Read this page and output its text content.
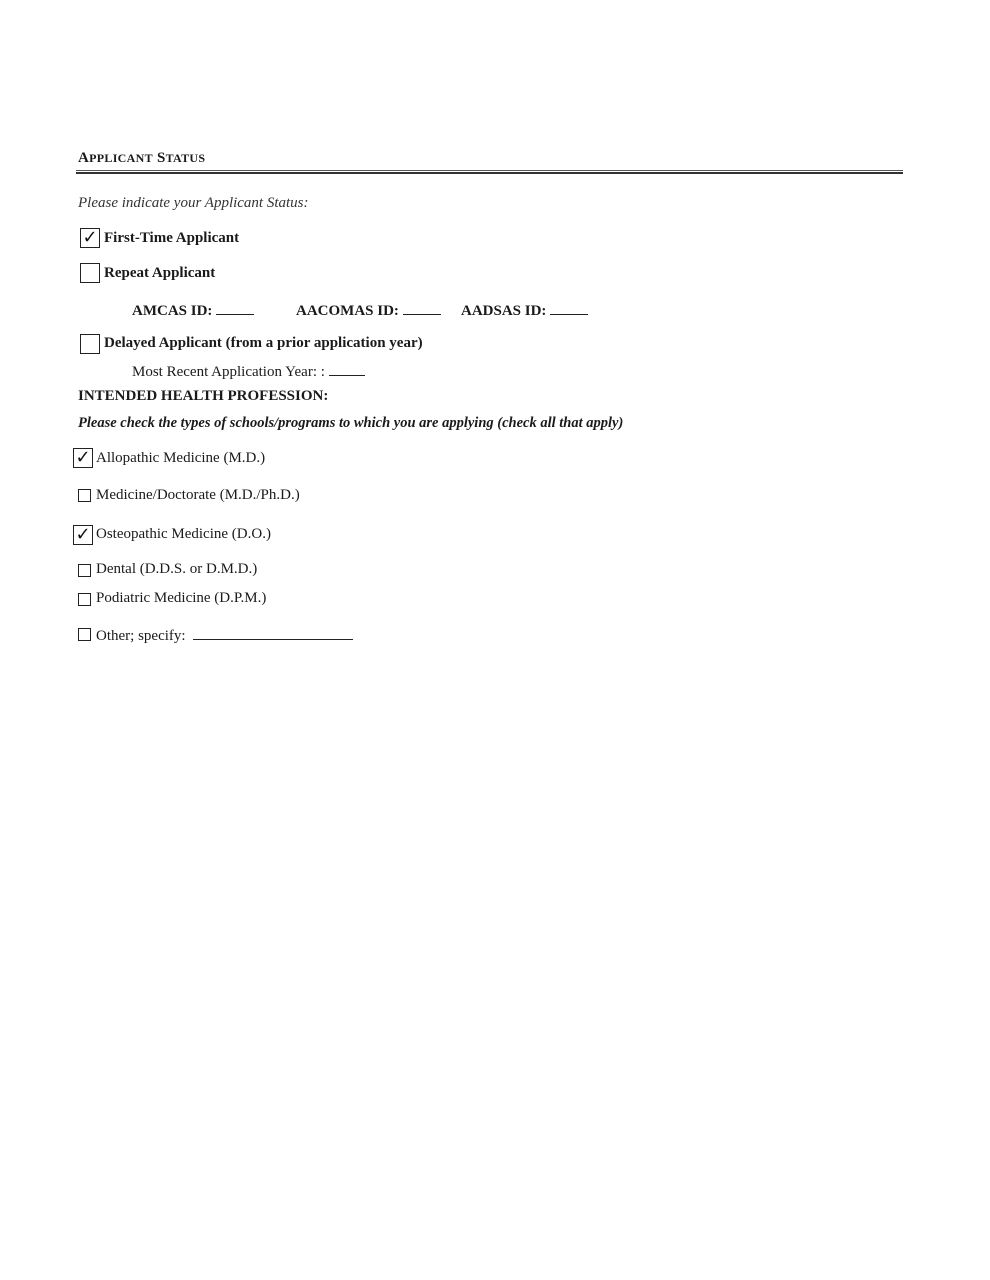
APPLICANT STATUS
Please indicate your Applicant Status:
✓ First-Time Applicant
Repeat Applicant
AMCAS ID:	AACOMAS ID:	AADSAS ID:
Delayed Applicant (from a prior application year)
Most Recent Application Year: :
INTENDED HEALTH PROFESSION:
Please check the types of schools/programs to which you are applying (check all that apply)
✓ Allopathic Medicine (M.D.)
Medicine/Doctorate (M.D./Ph.D.)
✓ Osteopathic Medicine (D.O.)
Dental (D.D.S. or D.M.D.)
Podiatric Medicine (D.P.M.)
Other; specify:
